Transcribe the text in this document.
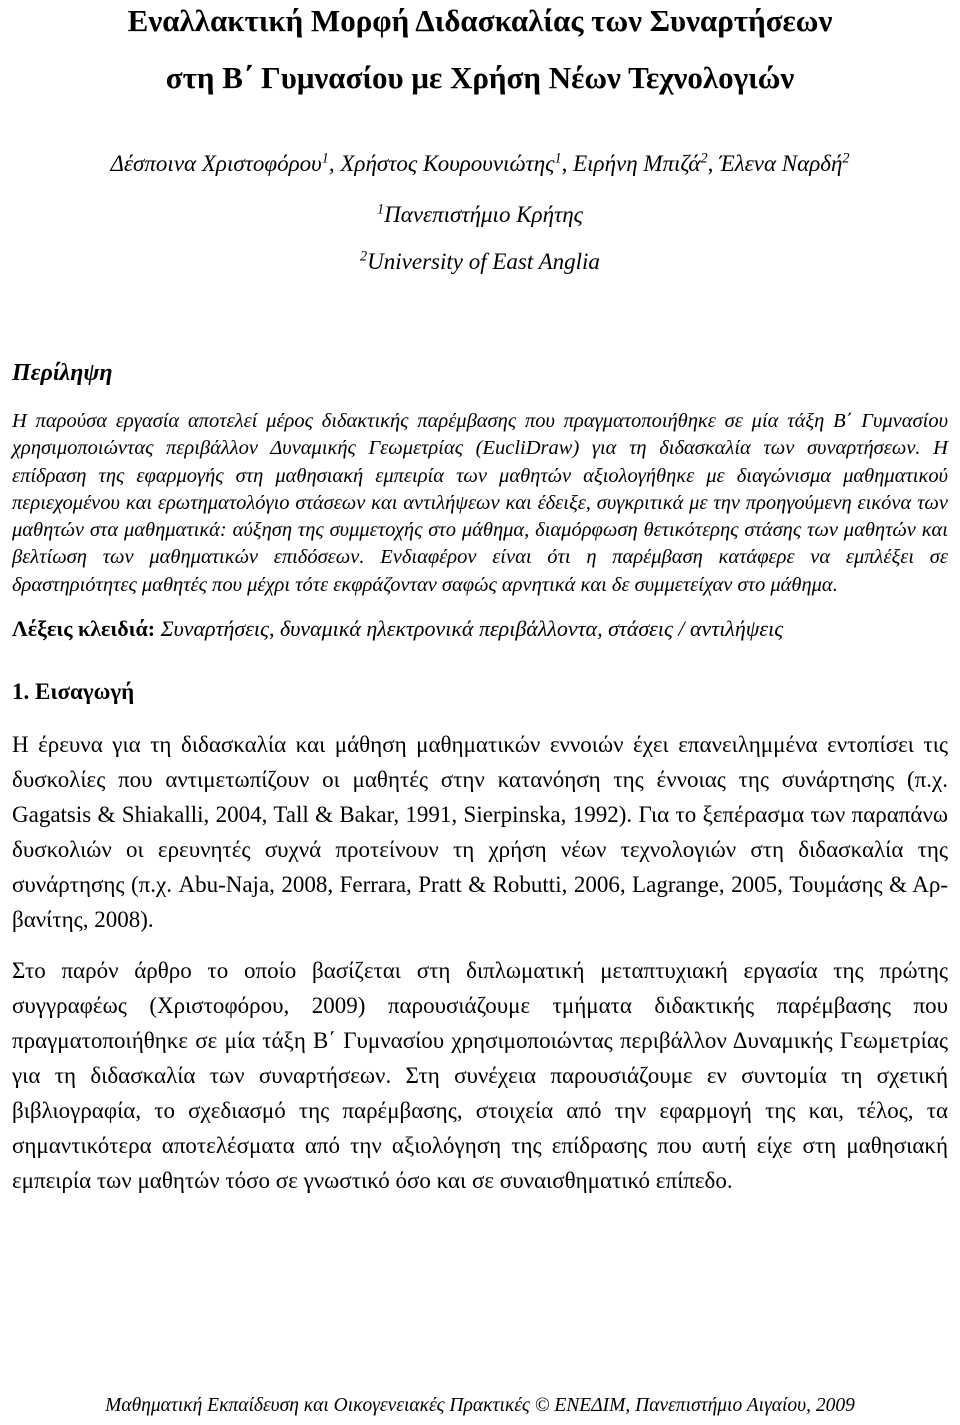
Εναλλακτική Μορφή Διδασκαλίας των Συναρτήσεων
στη Β΄ Γυμνασίου με Χρήση Νέων Τεχνολογιών

Δέσποινα Χριστοφόρου$^1$, Χρήστος Κουρουνιώτης$^1$, Ειρήνη Μπιζά$^2$, Έλενα Ναρδή$^2$

$^1$Πανεπιστήμιο Κρήτης

$^2$University of East Anglia

Περίληψη

Η παρούσα εργασία αποτελεί μέρος διδακτικής παρέμβασης που πραγματοποιήθηκε σε μία τάξη Β΄ Γυμνασίου χρησιμοποιώντας περιβάλλον Δυναμικής Γεωμετρίας (EucliDraw) για τη διδασκαλία των συναρτήσεων. Η επίδραση της εφαρμογής στη μαθησιακή εμπειρία των μαθητών αξιολογήθηκε με διαγώνισμα μαθηματικού περιεχομένου και ερωτηματολόγιο στάσεων και αντιλήψεων και έδειξε, συγκριτικά με την προηγούμενη εικόνα των μαθητών στα μαθηματικά: αύξηση της συμμετοχής στο μάθημα, διαμόρφωση θετικότερης στάσης των μαθητών και βελτίωση των μαθηματικών επιδόσεων. Ενδιαφέρον είναι ότι η παρέμβαση κατάφερε να εμπλέξει σε δραστηριότητες μαθητές που μέχρι τότε εκφράζονταν σαφώς αρνητικά και δε συμμετείχαν στο μάθημα.

Λέξεις κλειδιά: Συναρτήσεις, δυναμικά ηλεκτρονικά περιβάλλοντα, στάσεις / αντιλήψεις

1. Εισαγωγή

Η έρευνα για τη διδασκαλία και μάθηση μαθηματικών εννοιών έχει επανειλημμένα εντοπίσει τις δυσκολίες που αντιμετωπίζουν οι μαθητές στην κατανόηση της έννοιας της συνάρτησης (π.χ. Gagatsis & Shiakalli, 2004, Tall & Bakar, 1991, Sierpinska, 1992). Για το ξεπέρασμα των παραπάνω δυσκολιών οι ερευνητές συχνά προτείνουν τη χρήση νέων τεχνολογιών στη διδασκαλία της συνάρτησης (π.χ. Abu-Naja, 2008, Ferrara, Pratt & Robutti, 2006, Lagrange, 2005, Τουμάσης & Αρβανίτης, 2008).

Στο παρόν άρθρο το οποίο βασίζεται στη διπλωματική μεταπτυχιακή εργασία της πρώτης συγγραφέως (Χριστοφόρου, 2009) παρουσιάζουμε τμήματα διδακτικής παρέμβασης που πραγματοποιήθηκε σε μία τάξη Β΄ Γυμνασίου χρησιμοποιώντας περιβάλλον Δυναμικής Γεωμετρίας για τη διδασκαλία των συναρτήσεων. Στη συνέχεια παρουσιάζουμε εν συντομία τη σχετική βιβλιογραφία, το σχεδιασμό της παρέμβασης, στοιχεία από την εφαρμογή της και, τέλος, τα σημαντικότερα αποτελέσματα από την αξιολόγηση της επίδρασης που αυτή είχε στη μαθησιακή εμπειρία των μαθητών τόσο σε γνωστικό όσο και σε συναισθηματικό επίπεδο.

Μαθηματική Εκπαίδευση και Οικογενειακές Πρακτικές © ΕΝΕΔΙΜ, Πανεπιστήμιο Αιγαίου, 2009
